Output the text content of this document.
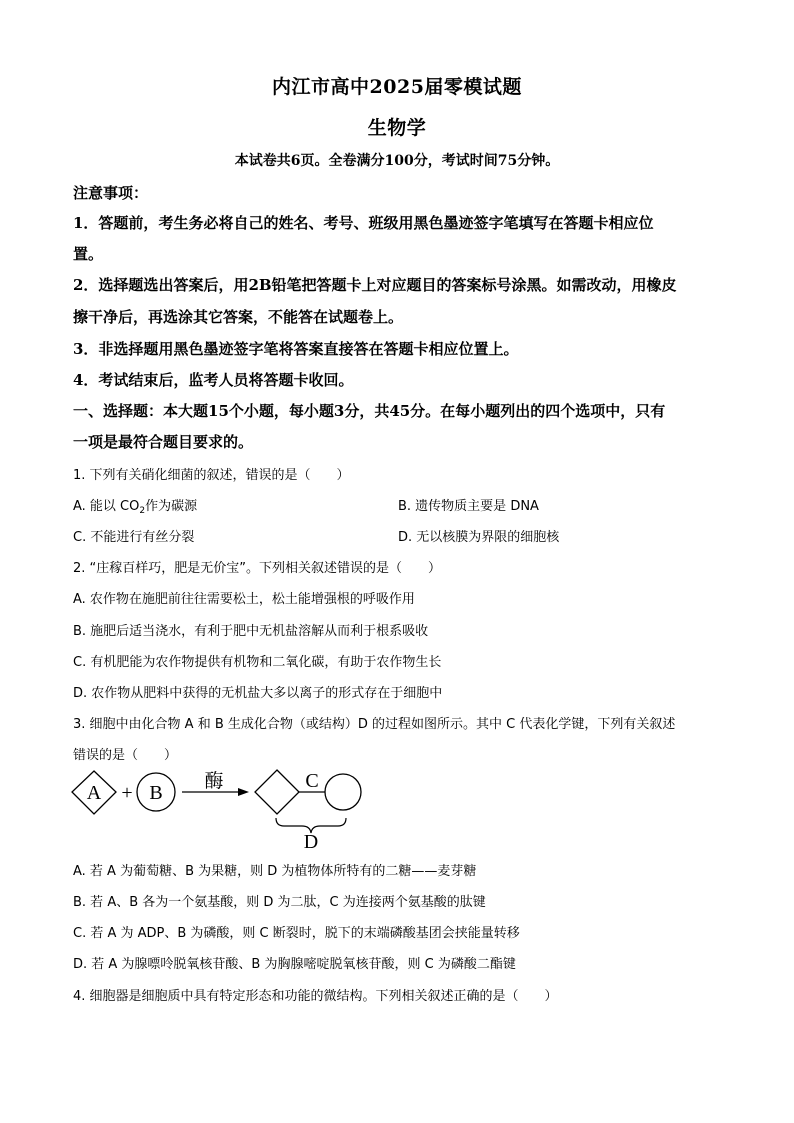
内江市高中2025届零模试题
生物学
本试卷共6页。全卷满分100分，考试时间75分钟。
注意事项：
1．答题前，考生务必将自己的姓名、考号、班级用黑色墨迹签字笔填写在答题卡相应位
置。
2．选择题选出答案后，用2B铅笔把答题卡上对应题目的答案标号涂黑。如需改动，用橡皮
擦干净后，再选涂其它答案，不能答在试题卷上。
3．非选择题用黑色墨迹签字笔将答案直接答在答题卡相应位置上。
4．考试结束后，监考人员将答题卡收回。
一、选择题：本大题15个小题，每小题3分，共45分。在每小题列出的四个选项中，只有
一项是最符合题目要求的。
1. 下列有关硝化细菌的叙述，错误的是（　　）
A. 能以 $CO_2$作为碳源	B. 遗传物质主要是 DNA
C. 不能进行有丝分裂	D. 无以核膜为界限的细胞核
2. “庄稼百样巧，肥是无价宝”。下列相关叙述错误的是（　　）
A. 农作物在施肥前往往需要松土，松土能增强根的呼吸作用
B. 施肥后适当浇水，有利于肥中无机盐溶解从而利于根系吸收
C. 有机肥能为农作物提供有机物和二氧化碳，有助于农作物生长
D. 农作物从肥料中获得的无机盐大多以离子的形式存在于细胞中
3. 细胞中由化合物 A 和 B 生成化合物（或结构）D 的过程如图所示。其中 C 代表化学键，下列有关叙述
错误的是（　　）
A + B
酶	C
D
A. 若 A 为葡萄糖、B 为果糖，则 D 为植物体所特有的二糖——麦芽糖
B. 若 A、B 各为一个氨基酸，则 D 为二肽，C 为连接两个氨基酸的肽键
C. 若 A 为 ADP、B 为磷酸，则 C 断裂时，脱下的末端磷酸基团会挟能量转移
D. 若 A 为腺嘌呤脱氧核苷酸、B 为胸腺嘧啶脱氧核苷酸，则 C 为磷酸二酯键
4. 细胞器是细胞质中具有特定形态和功能的微结构。下列相关叙述正确的是（　　）
